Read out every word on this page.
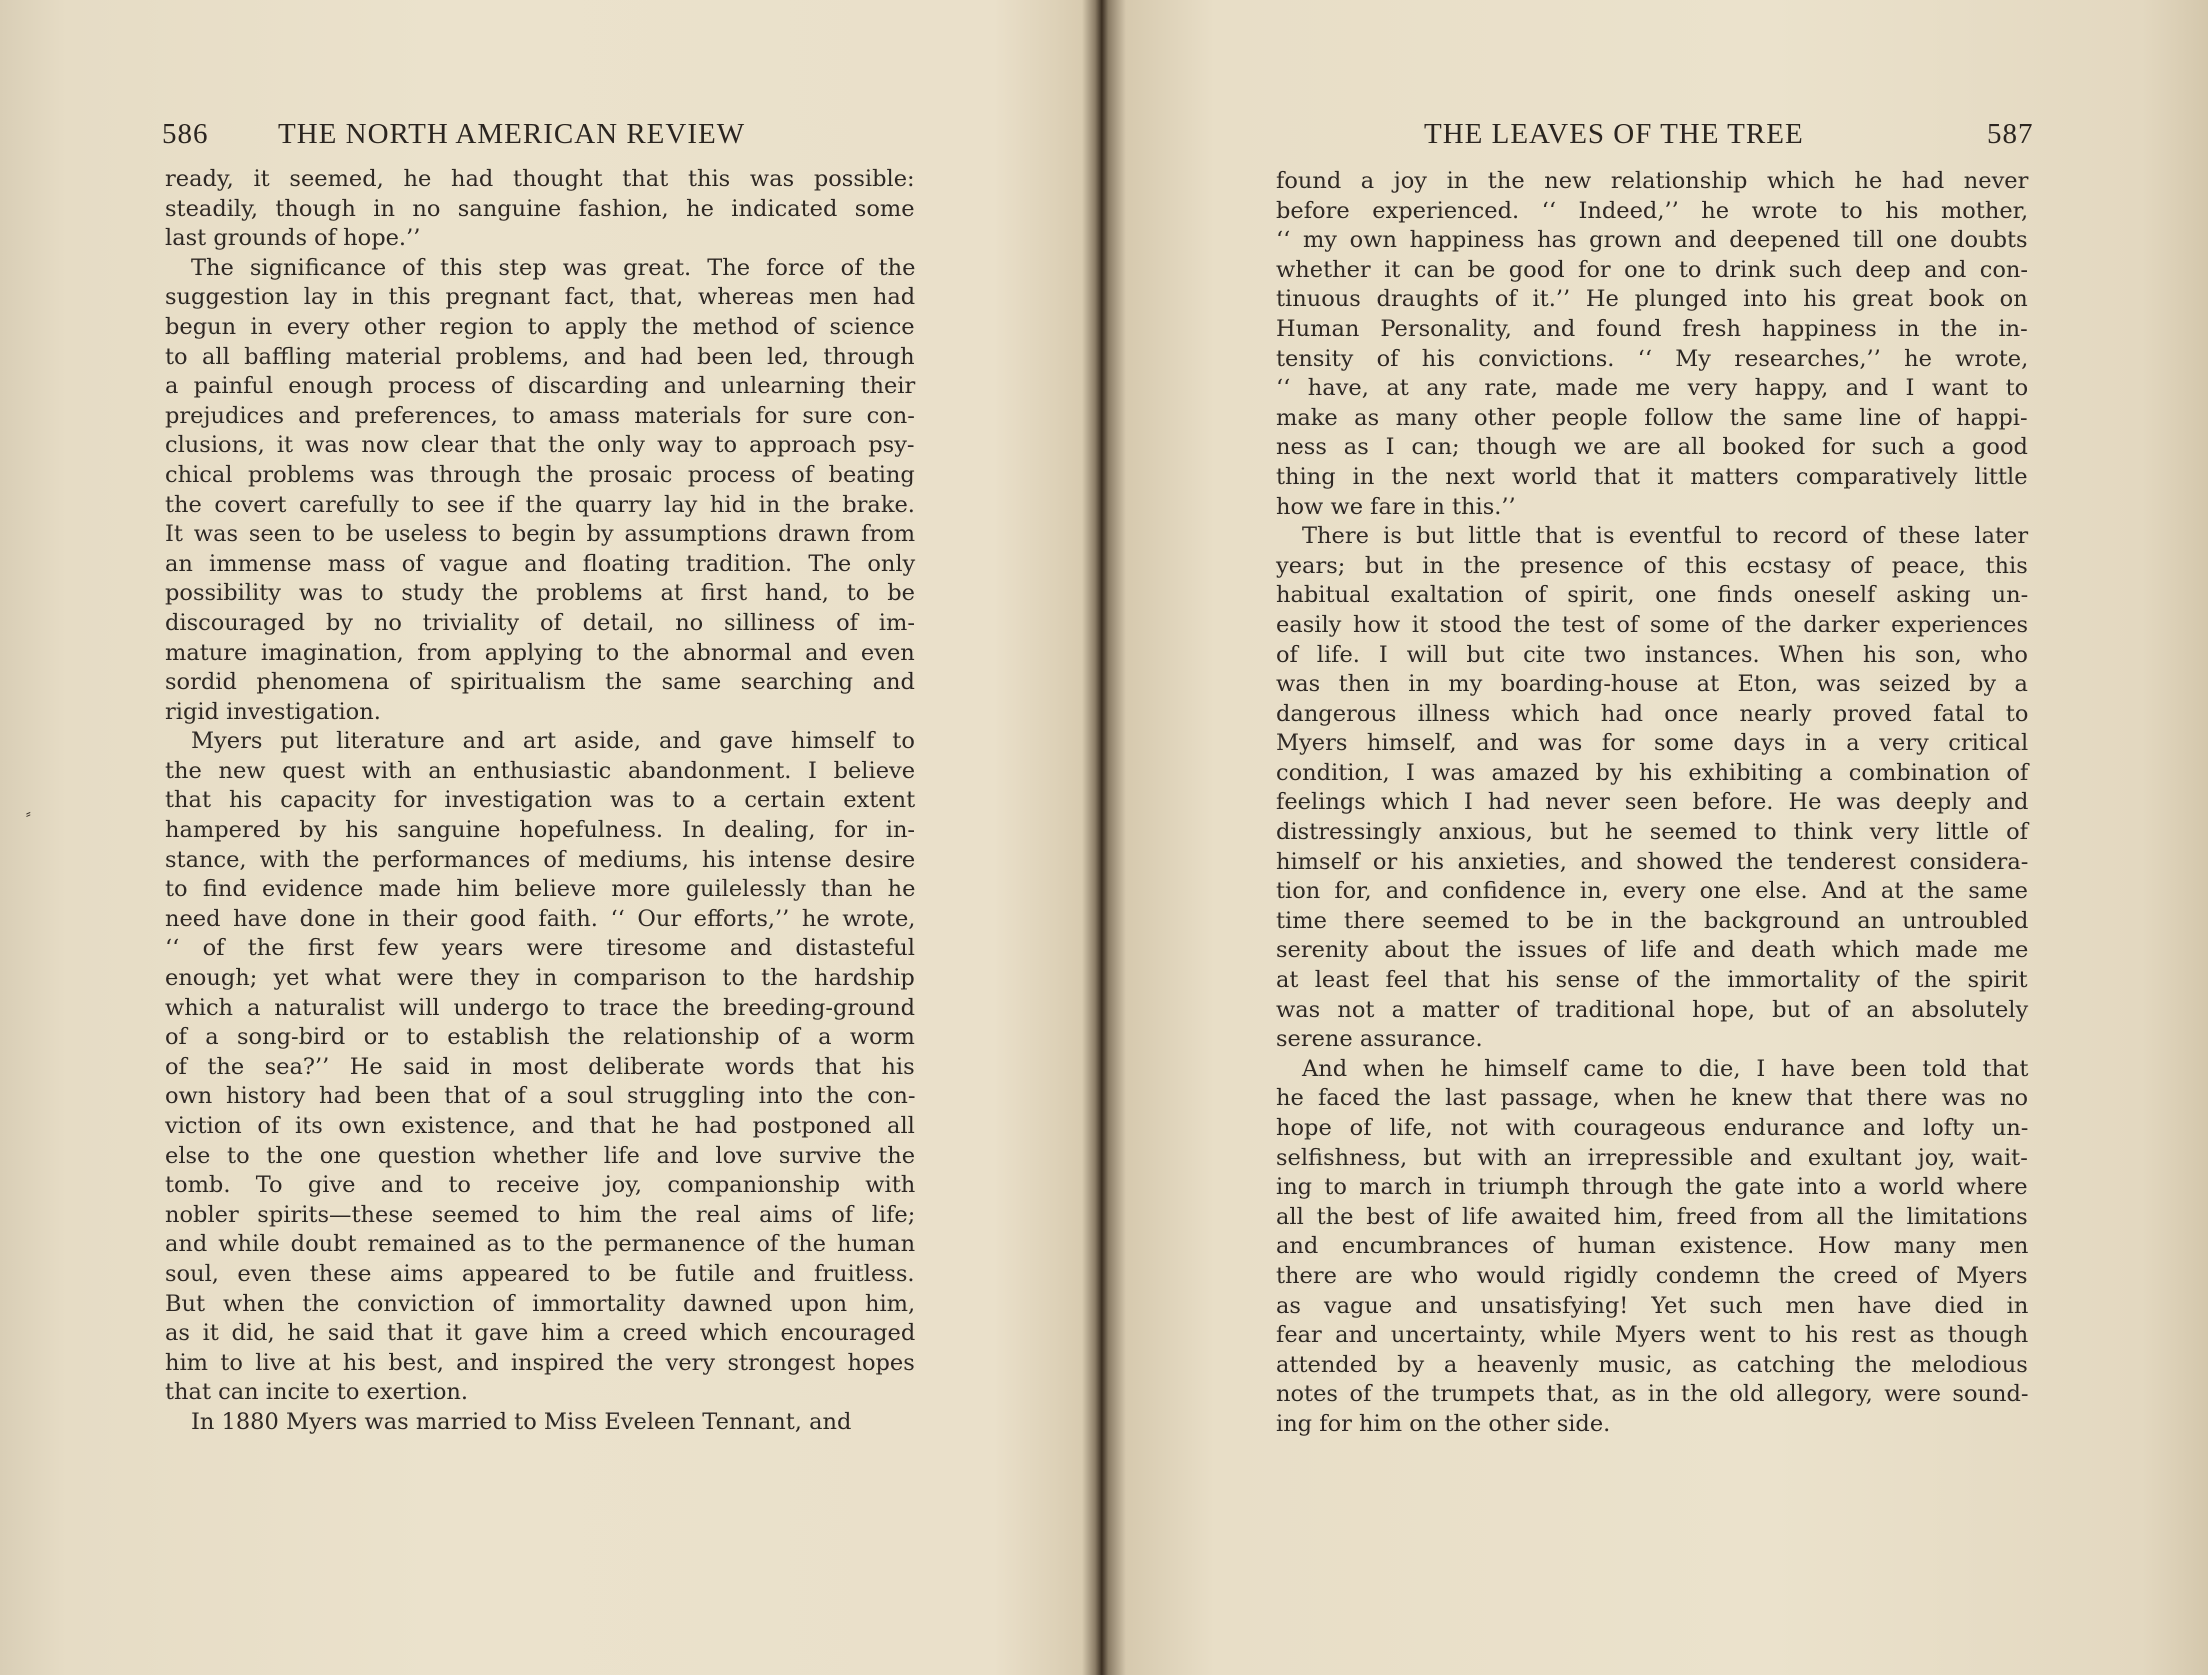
586 THE NORTH AMERICAN REVIEW
ready, it seemed, he had thought that this was possible:
steadily, though in no sanguine fashion, he indicated some
last grounds of hope.’’
The significance of this step was great. The force of the
suggestion lay in this pregnant fact, that, whereas men had
begun in every other region to apply the method of science
to all baffling material problems, and had been led, through
a painful enough process of discarding and unlearning their
prejudices and preferences, to amass materials for sure con-
clusions, it was now clear that the only way to approach psy-
chical problems was through the prosaic process of beating
the covert carefully to see if the quarry lay hid in the brake.
It was seen to be useless to begin by assumptions drawn from
an immense mass of vague and floating tradition. The only
possibility was to study the problems at first hand, to be
discouraged by no triviality of detail, no silliness of im-
mature imagination, from applying to the abnormal and even
sordid phenomena of spiritualism the same searching and
rigid investigation.
Myers put literature and art aside, and gave himself to
the new quest with an enthusiastic abandonment. I believe
that his capacity for investigation was to a certain extent
hampered by his sanguine hopefulness. In dealing, for in-
stance, with the performances of mediums, his intense desire
to find evidence made him believe more guilelessly than he
need have done in their good faith. ‘‘ Our efforts,’’ he wrote,
‘‘ of the first few years were tiresome and distasteful
enough; yet what were they in comparison to the hardship
which a naturalist will undergo to trace the breeding-ground
of a song-bird or to establish the relationship of a worm
of the sea?’’ He said in most deliberate words that his
own history had been that of a soul struggling into the con-
viction of its own existence, and that he had postponed all
else to the one question whether life and love survive the
tomb. To give and to receive joy, companionship with
nobler spirits—these seemed to him the real aims of life;
and while doubt remained as to the permanence of the human
soul, even these aims appeared to be futile and fruitless.
But when the conviction of immortality dawned upon him,
as it did, he said that it gave him a creed which encouraged
him to live at his best, and inspired the very strongest hopes
that can incite to exertion.
In 1880 Myers was married to Miss Eveleen Tennant, and
⸗
THE LEAVES OF THE TREE	587
found a joy in the new relationship which he had never
before experienced. ‘‘ Indeed,’’ he wrote to his mother,
‘‘ my own happiness has grown and deepened till one doubts
whether it can be good for one to drink such deep and con-
tinuous draughts of it.’’ He plunged into his great book on
Human Personality, and found fresh happiness in the in-
tensity of his convictions. ‘‘ My researches,’’ he wrote,
‘‘ have, at any rate, made me very happy, and I want to
make as many other people follow the same line of happi-
ness as I can; though we are all booked for such a good
thing in the next world that it matters comparatively little
how we fare in this.’’
There is but little that is eventful to record of these later
years; but in the presence of this ecstasy of peace, this
habitual exaltation of spirit, one finds oneself asking un-
easily how it stood the test of some of the darker experiences
of life. I will but cite two instances. When his son, who
was then in my boarding-house at Eton, was seized by a
dangerous illness which had once nearly proved fatal to
Myers himself, and was for some days in a very critical
condition, I was amazed by his exhibiting a combination of
feelings which I had never seen before. He was deeply and
distressingly anxious, but he seemed to think very little of
himself or his anxieties, and showed the tenderest considera-
tion for, and confidence in, every one else. And at the same
time there seemed to be in the background an untroubled
serenity about the issues of life and death which made me
at least feel that his sense of the immortality of the spirit
was not a matter of traditional hope, but of an absolutely
serene assurance.
And when he himself came to die, I have been told that
he faced the last passage, when he knew that there was no
hope of life, not with courageous endurance and lofty un-
selfishness, but with an irrepressible and exultant joy, wait-
ing to march in triumph through the gate into a world where
all the best of life awaited him, freed from all the limitations
and encumbrances of human existence. How many men
there are who would rigidly condemn the creed of Myers
as vague and unsatisfying! Yet such men have died in
fear and uncertainty, while Myers went to his rest as though
attended by a heavenly music, as catching the melodious
notes of the trumpets that, as in the old allegory, were sound-
ing for him on the other side.
